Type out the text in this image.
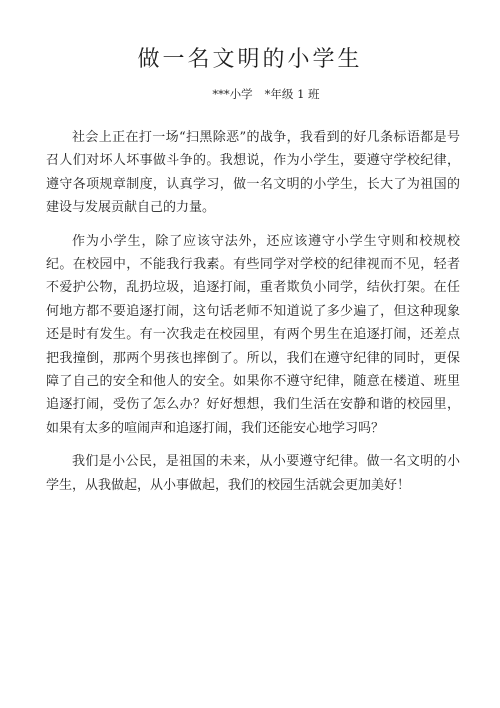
做一名文明的小学生
***小学 *年级 1 班

社会上正在打一场“扫黑除恶”的战争，我看到的好几条标语都是号召人们对坏人坏事做斗争的。我想说，作为小学生，要遵守学校纪律，遵守各项规章制度，认真学习，做一名文明的小学生，长大了为祖国的建设与发展贡献自己的力量。

作为小学生，除了应该守法外，还应该遵守小学生守则和校规校纪。在校园中，不能我行我素。有些同学对学校的纪律视而不见，轻者不爱护公物，乱扔垃圾，追逐打闹，重者欺负小同学，结伙打架。在任何地方都不要追逐打闹，这句话老师不知道说了多少遍了，但这种现象还是时有发生。有一次我走在校园里，有两个男生在追逐打闹，还差点把我撞倒，那两个男孩也摔倒了。所以，我们在遵守纪律的同时，更保障了自己的安全和他人的安全。如果你不遵守纪律，随意在楼道、班里追逐打闹，受伤了怎么办？好好想想，我们生活在安静和谐的校园里，如果有太多的喧闹声和追逐打闹，我们还能安心地学习吗？

我们是小公民，是祖国的未来，从小要遵守纪律。做一名文明的小学生，从我做起，从小事做起，我们的校园生活就会更加美好！
